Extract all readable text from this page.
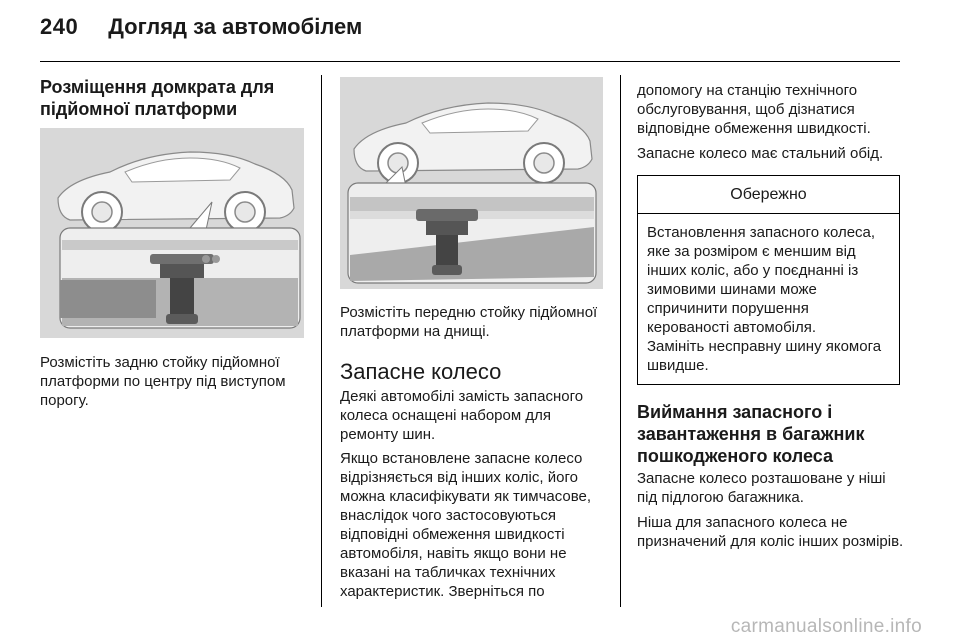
240 Догляд за автомобілем
Розміщення домкрата для підйомної платформи
Розмістіть задню стойку підйомної платформи по центру під виступом порогу.
Розмістіть передню стойку підйомної платформи на днищі.
Запасне колесо
Деякі автомобілі замість запасного колеса оснащені набором для ремонту шин.
Якщо встановлене запасне колесо відрізняється від інших коліс, його можна класифікувати як тимчасове, внаслідок чого застосовуються відповідні обмеження швидкості автомобіля, навіть якщо вони не вказані на табличках технічних характеристик. Зверніться по
допомогу на станцію технічного обслуговування, щоб дізнатися відповідне обмеження швидкості.
Запасне колесо має стальний обід.
Обережно
Встановлення запасного колеса, яке за розміром є меншим від інших коліс, або у поєднанні із зимовими шинами може спричинити порушення керованості автомобіля.
Замініть несправну шину якомога швидше.
Виймання запасного і завантаження в багажник пошкодженого колеса
Запасне колесо розташоване у ніші під підлогою багажника.
Ніша для запасного колеса не призначений для коліс інших розмірів.
carmanualsonline.info
